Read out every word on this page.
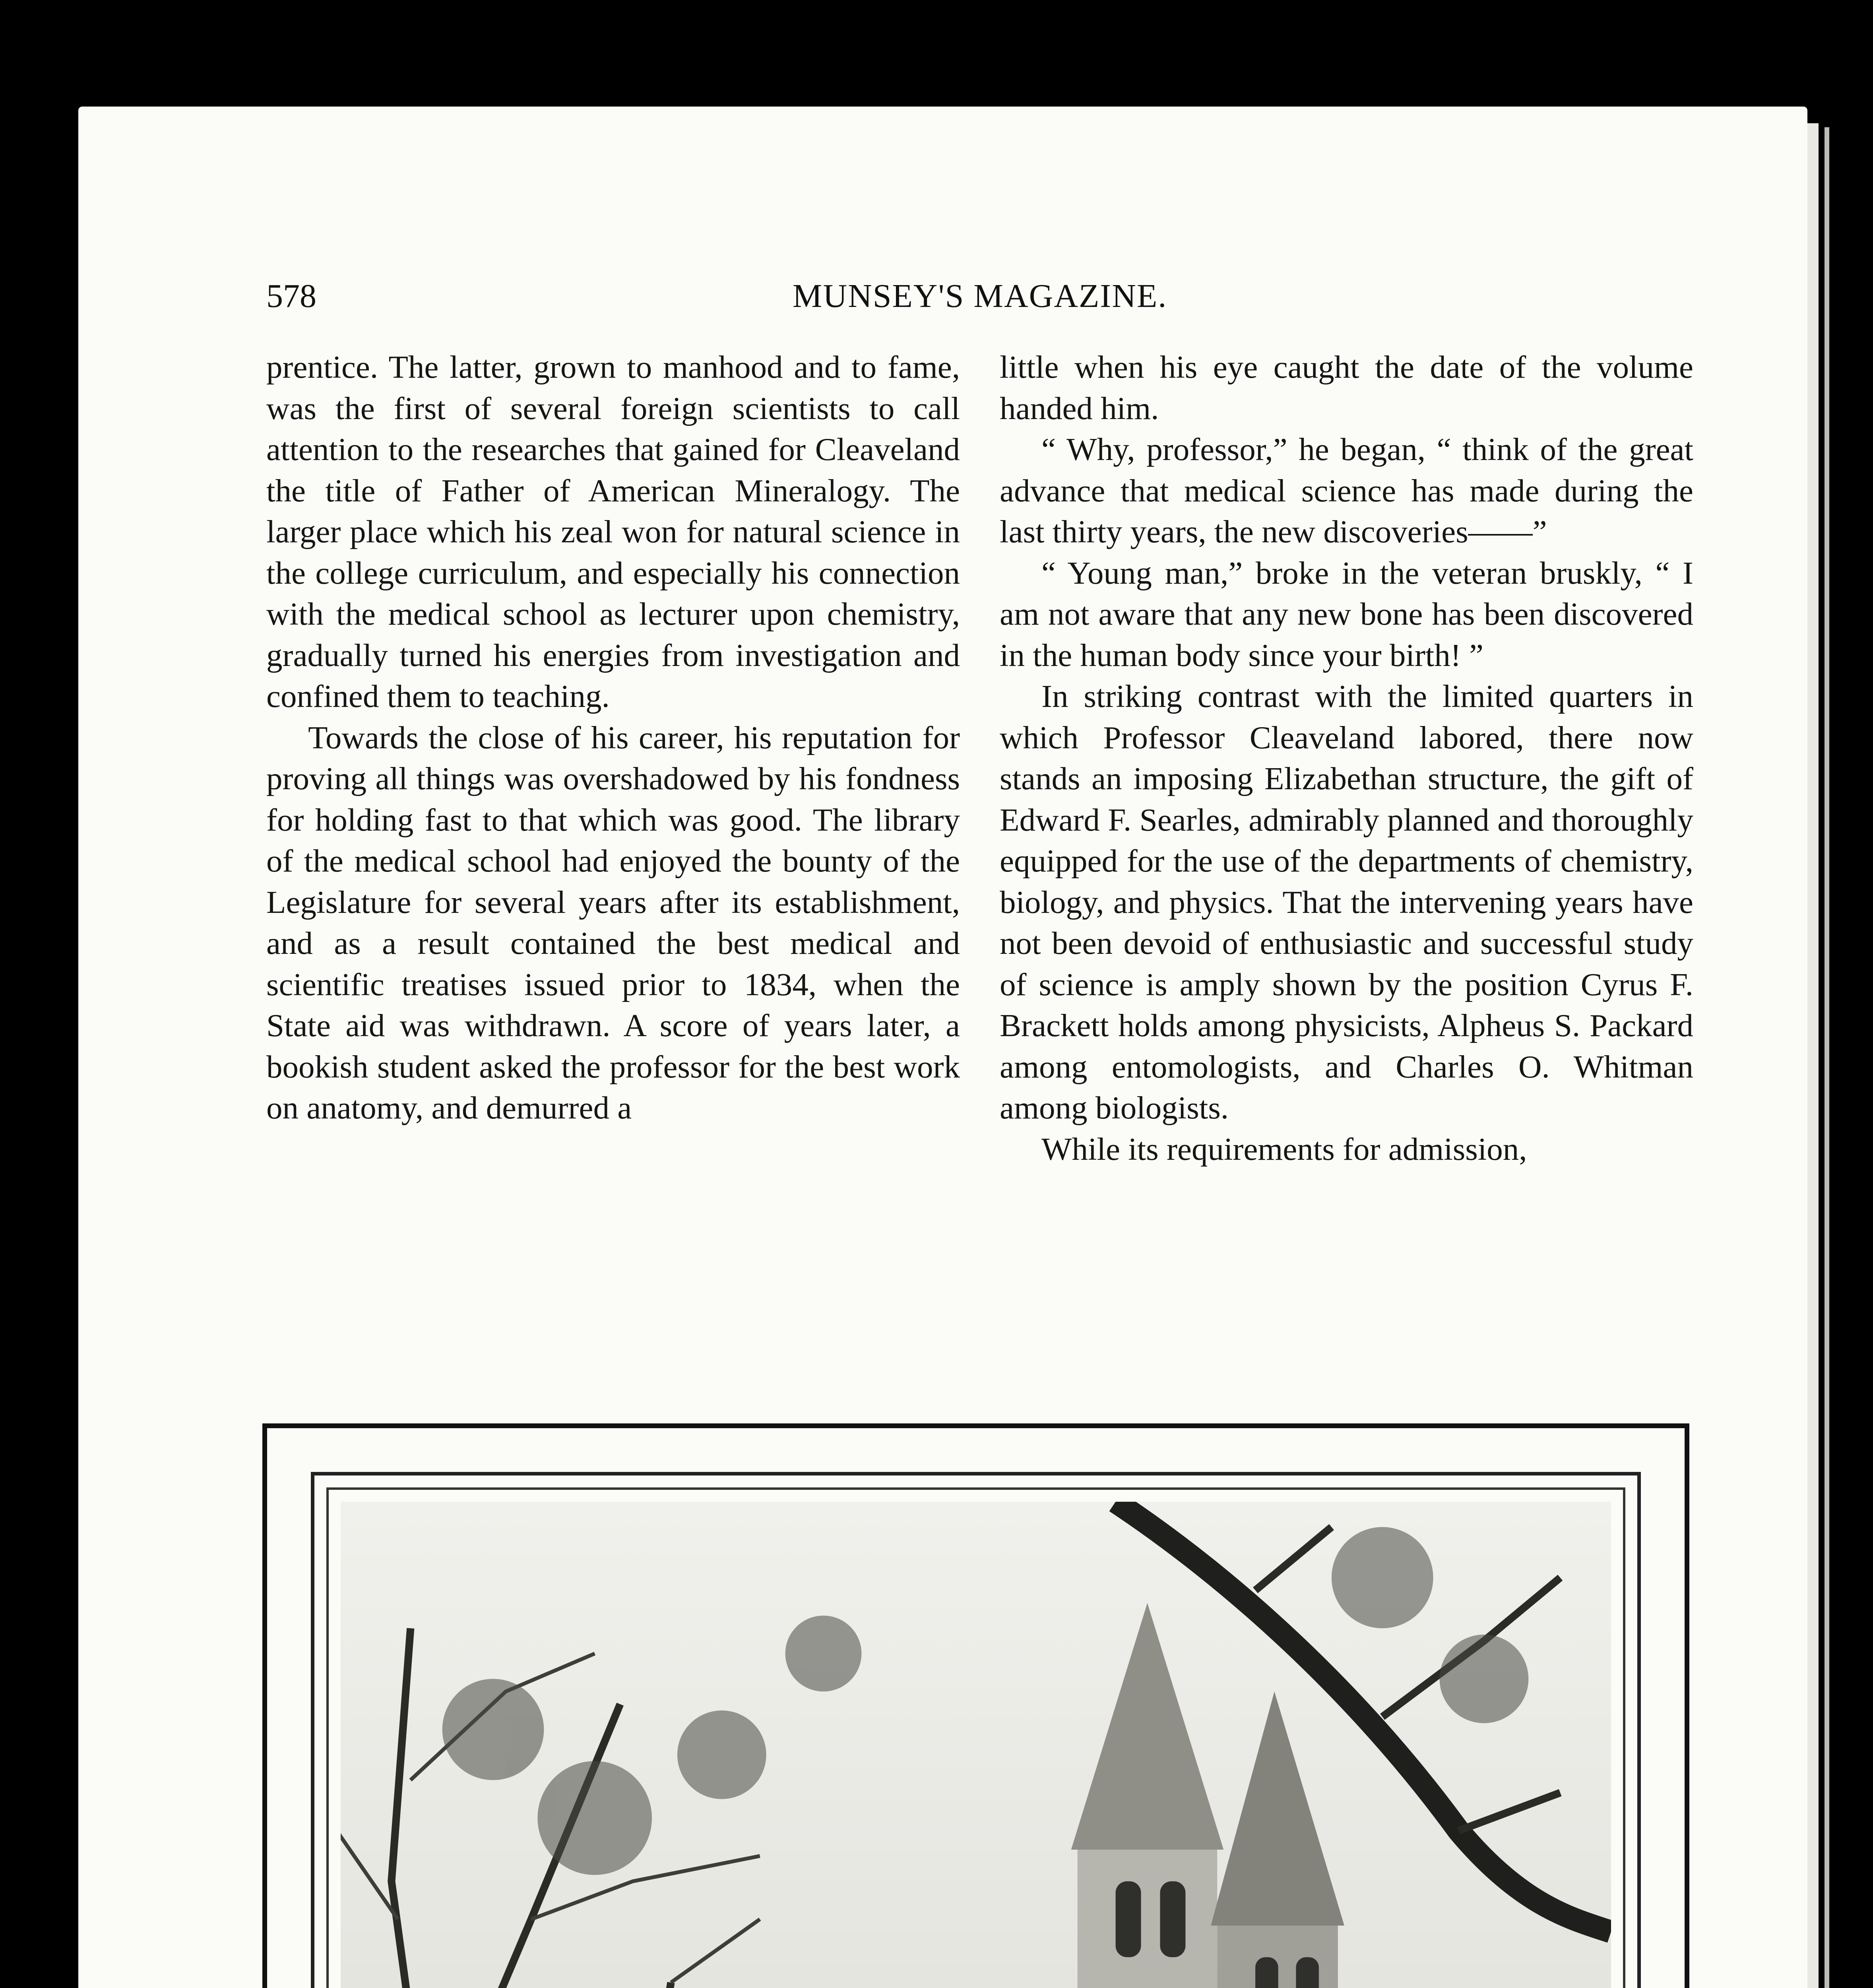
578	MUNSEY'S MAGAZINE.

prentice. The latter, grown to manhood and to fame, was the first of several foreign scientists to call attention to the researches that gained for Cleaveland the title of Father of American Mineralogy. The larger place which his zeal won for natural science in the college curriculum, and especially his connection with the medical school as lecturer upon chemistry, gradually turned his energies from investigation and confined them to teaching.

Towards the close of his career, his reputation for proving all things was overshadowed by his fondness for holding fast to that which was good. The library of the medical school had enjoyed the bounty of the Legislature for several years after its establishment, and as a result contained the best medical and scientific treatises issued prior to 1834, when the State aid was withdrawn. A score of years later, a bookish student asked the professor for the best work on anatomy, and demurred a

little when his eye caught the date of the volume handed him.

“ Why, professor,” he began, “ think of the great advance that medical science has made during the last thirty years, the new discoveries——”

“ Young man,” broke in the veteran bruskly, “ I am not aware that any new bone has been discovered in the human body since your birth! ”

In striking contrast with the limited quarters in which Professor Cleaveland labored, there now stands an imposing Elizabethan structure, the gift of Edward F. Searles, admirably planned and thoroughly equipped for the use of the departments of chemistry, biology, and physics. That the intervening years have not been devoid of enthusiastic and successful study of science is amply shown by the position Cyrus F. Brackett holds among physicists, Alpheus S. Packard among entomologists, and Charles O. Whitman among biologists.

While its requirements for admission,
